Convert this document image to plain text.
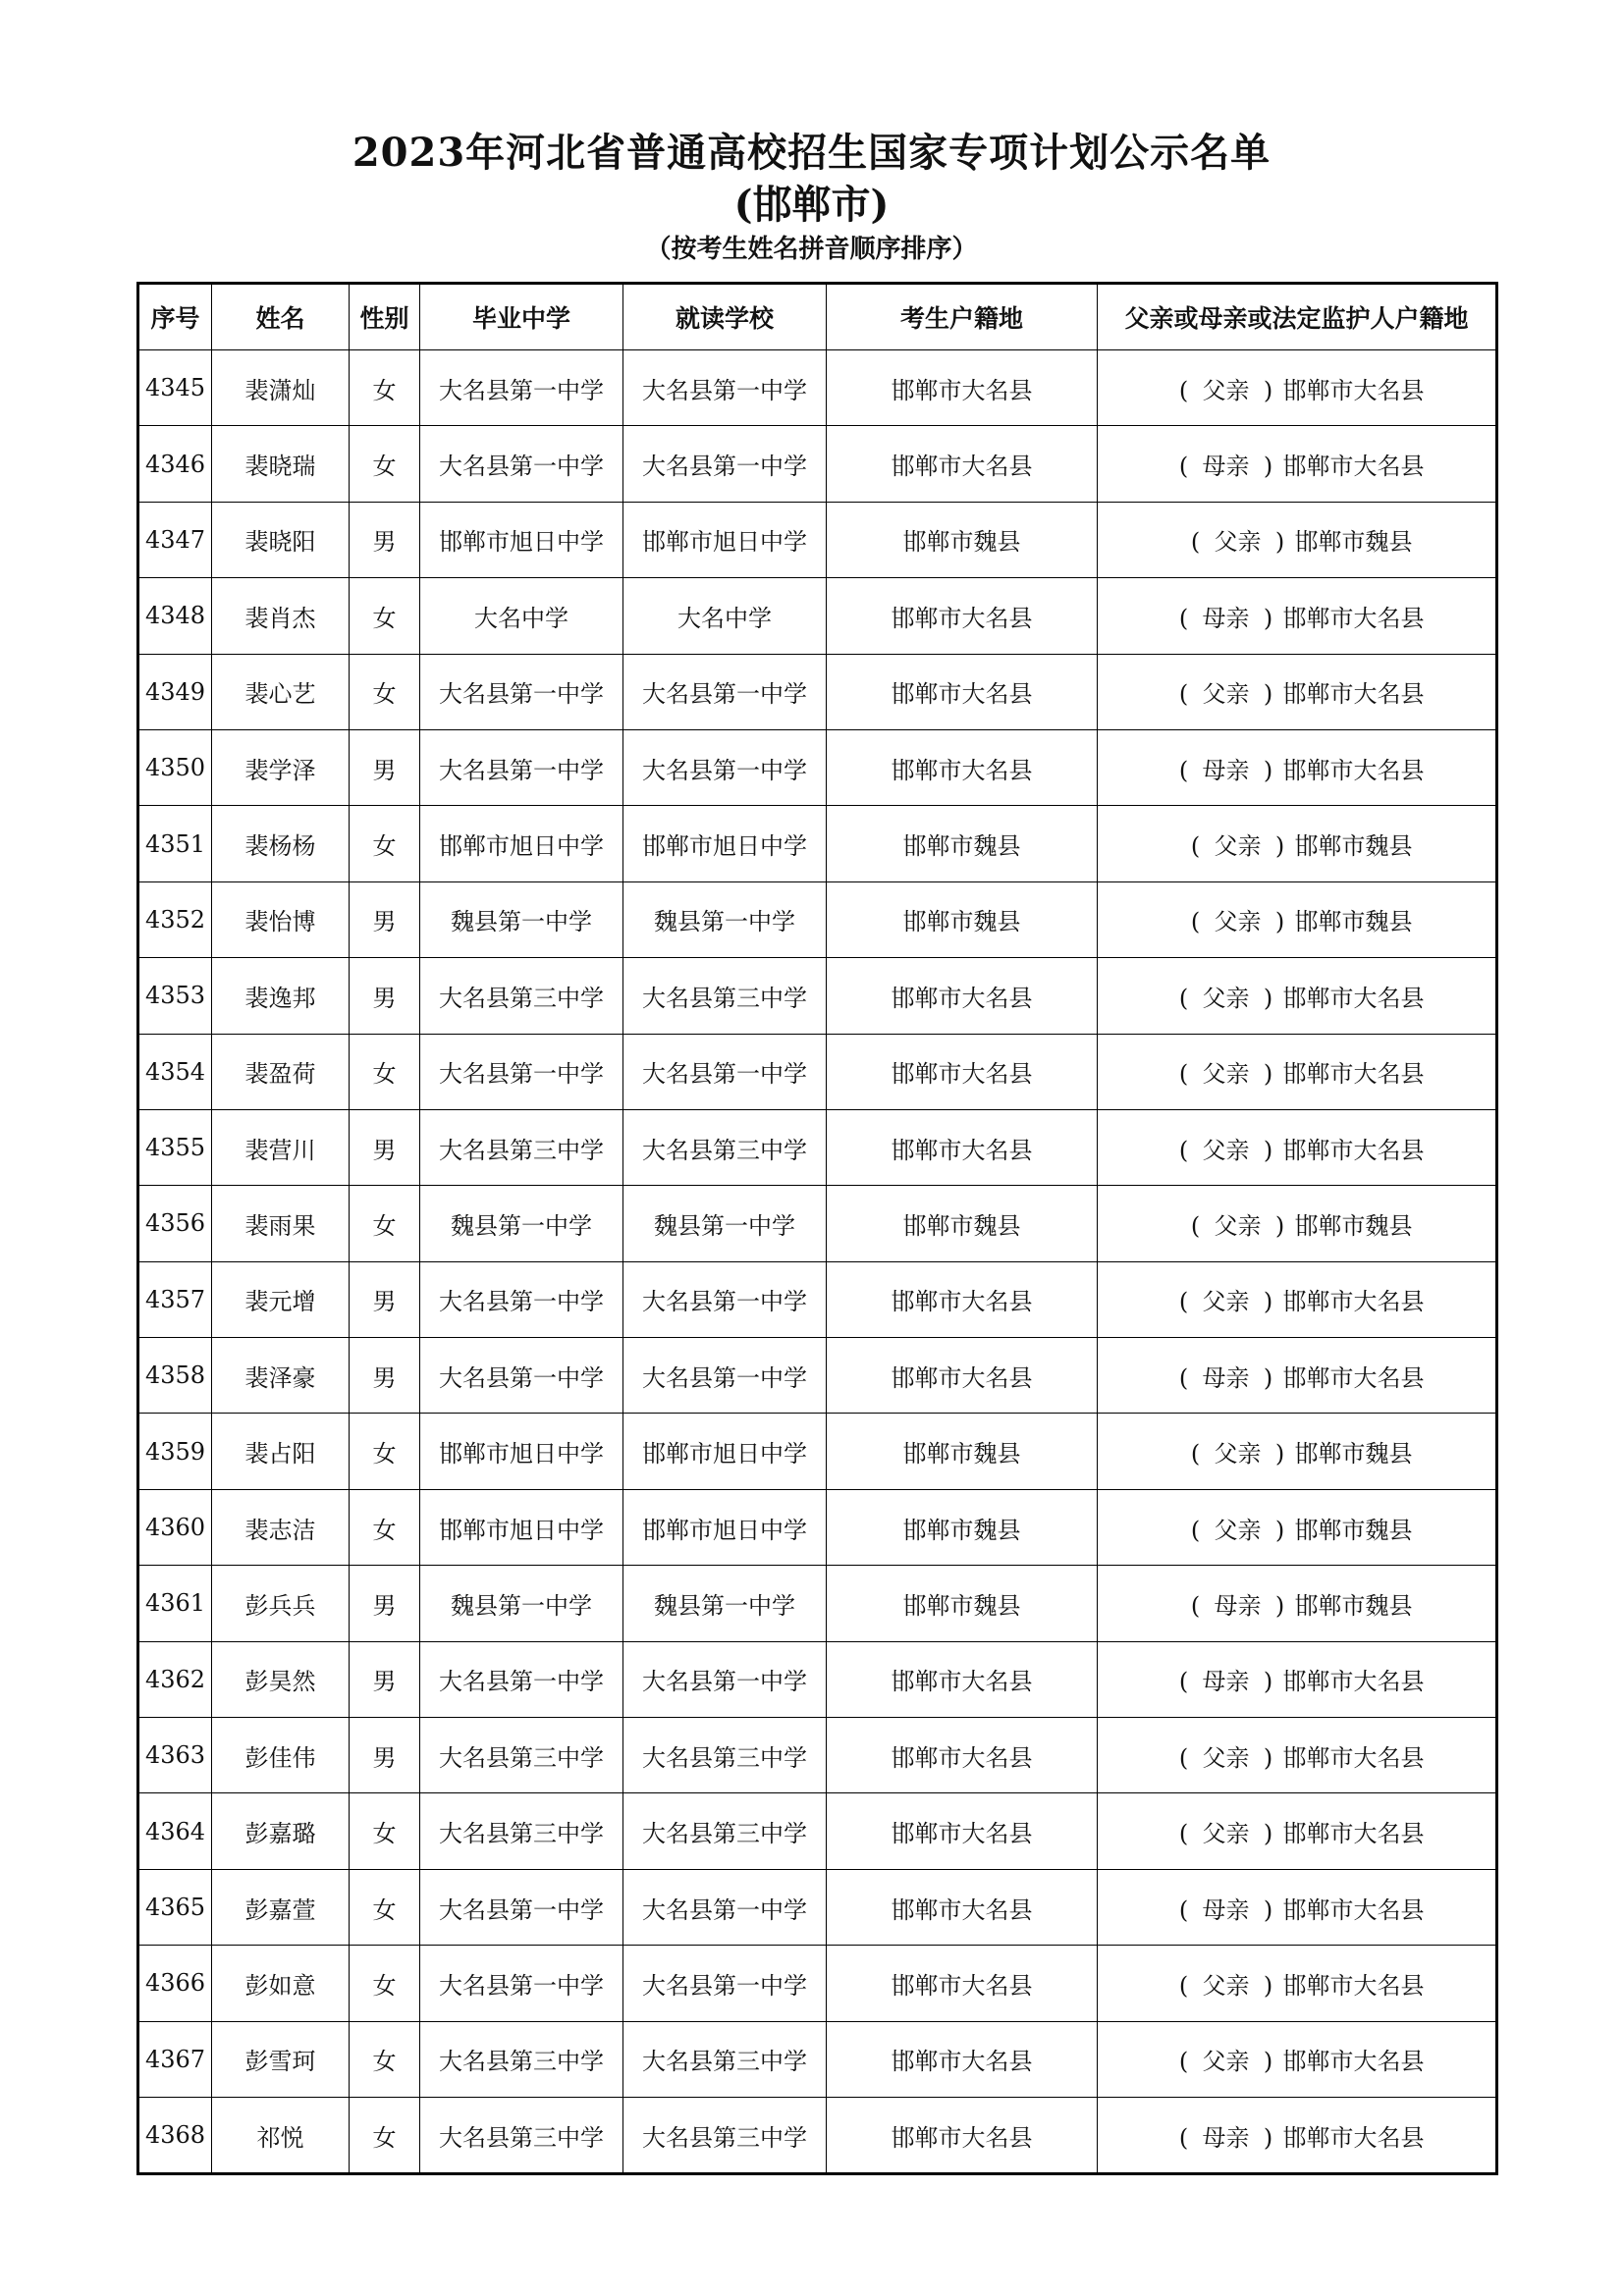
2023年河北省普通高校招生国家专项计划公示名单
(邯郸市)
（按考生姓名拼音顺序排序）
序号	姓名	性别	毕业中学	就读学校	考生户籍地	父亲或母亲或法定监护人户籍地
4345	裴潇灿	女	大名县第一中学	大名县第一中学	邯郸市大名县	( 父亲 ) 邯郸市大名县
4346	裴晓瑞	女	大名县第一中学	大名县第一中学	邯郸市大名县	( 母亲 ) 邯郸市大名县
4347	裴晓阳	男	邯郸市旭日中学	邯郸市旭日中学	邯郸市魏县	( 父亲 ) 邯郸市魏县
4348	裴肖杰	女	大名中学	大名中学	邯郸市大名县	( 母亲 ) 邯郸市大名县
4349	裴心艺	女	大名县第一中学	大名县第一中学	邯郸市大名县	( 父亲 ) 邯郸市大名县
4350	裴学泽	男	大名县第一中学	大名县第一中学	邯郸市大名县	( 母亲 ) 邯郸市大名县
4351	裴杨杨	女	邯郸市旭日中学	邯郸市旭日中学	邯郸市魏县	( 父亲 ) 邯郸市魏县
4352	裴怡博	男	魏县第一中学	魏县第一中学	邯郸市魏县	( 父亲 ) 邯郸市魏县
4353	裴逸邦	男	大名县第三中学	大名县第三中学	邯郸市大名县	( 父亲 ) 邯郸市大名县
4354	裴盈荷	女	大名县第一中学	大名县第一中学	邯郸市大名县	( 父亲 ) 邯郸市大名县
4355	裴营川	男	大名县第三中学	大名县第三中学	邯郸市大名县	( 父亲 ) 邯郸市大名县
4356	裴雨果	女	魏县第一中学	魏县第一中学	邯郸市魏县	( 父亲 ) 邯郸市魏县
4357	裴元增	男	大名县第一中学	大名县第一中学	邯郸市大名县	( 父亲 ) 邯郸市大名县
4358	裴泽豪	男	大名县第一中学	大名县第一中学	邯郸市大名县	( 母亲 ) 邯郸市大名县
4359	裴占阳	女	邯郸市旭日中学	邯郸市旭日中学	邯郸市魏县	( 父亲 ) 邯郸市魏县
4360	裴志洁	女	邯郸市旭日中学	邯郸市旭日中学	邯郸市魏县	( 父亲 ) 邯郸市魏县
4361	彭兵兵	男	魏县第一中学	魏县第一中学	邯郸市魏县	( 母亲 ) 邯郸市魏县
4362	彭昊然	男	大名县第一中学	大名县第一中学	邯郸市大名县	( 母亲 ) 邯郸市大名县
4363	彭佳伟	男	大名县第三中学	大名县第三中学	邯郸市大名县	( 父亲 ) 邯郸市大名县
4364	彭嘉璐	女	大名县第三中学	大名县第三中学	邯郸市大名县	( 父亲 ) 邯郸市大名县
4365	彭嘉萱	女	大名县第一中学	大名县第一中学	邯郸市大名县	( 母亲 ) 邯郸市大名县
4366	彭如意	女	大名县第一中学	大名县第一中学	邯郸市大名县	( 父亲 ) 邯郸市大名县
4367	彭雪珂	女	大名县第三中学	大名县第三中学	邯郸市大名县	( 父亲 ) 邯郸市大名县
4368	祁悦	女	大名县第三中学	大名县第三中学	邯郸市大名县	( 母亲 ) 邯郸市大名县
